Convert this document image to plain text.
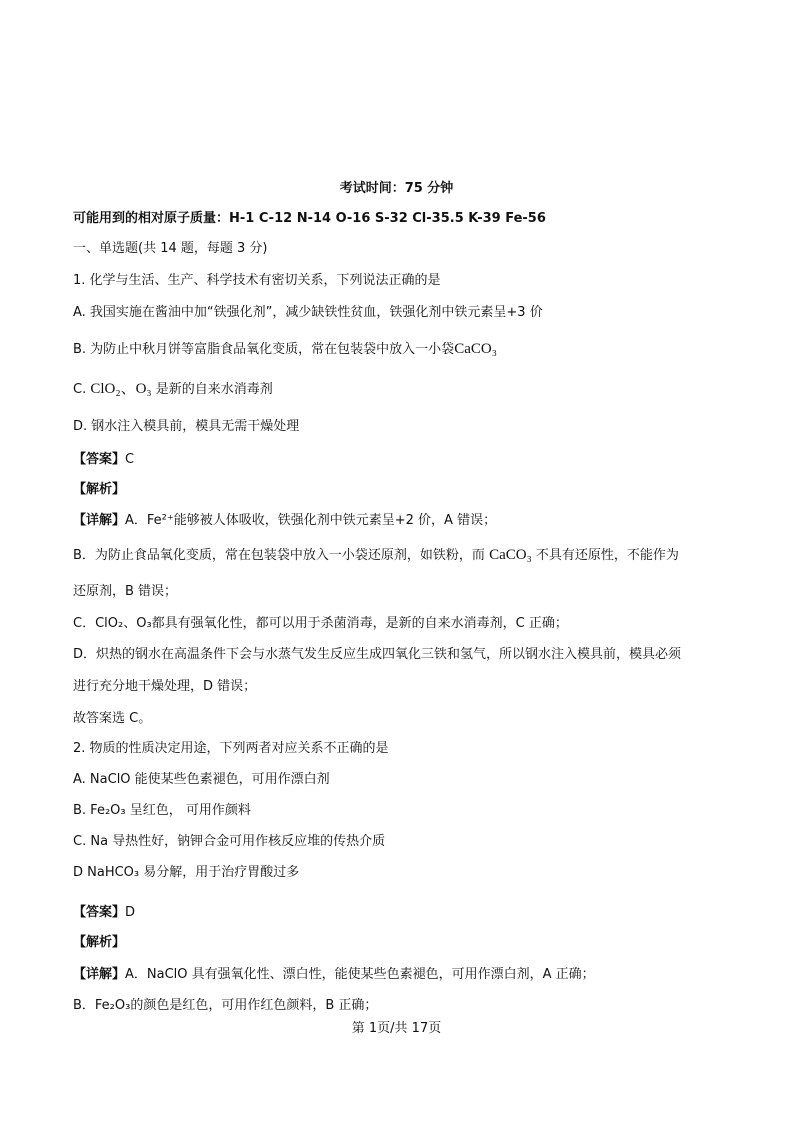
考试时间：75 分钟
可能用到的相对原子质量：H-1 C-12 N-14 O-16 S-32 Cl-35.5 K-39 Fe-56
一、单选题(共 14 题，每题 3 分)
1. 化学与生活、生产、科学技术有密切关系，下列说法正确的是
A. 我国实施在酱油中加“铁强化剂”，减少缺铁性贫血，铁强化剂中铁元素呈+3 价
B. 为防止中秋月饼等富脂食品氧化变质，常在包装袋中放入一小袋CaCO₃
C. ClO₂、O₃ 是新的自来水消毒剂
D. 钢水注入模具前，模具无需干燥处理
【答案】C
【解析】
【详解】A．Fe²⁺能够被人体吸收，铁强化剂中铁元素呈+2 价，A 错误；
B．为防止食品氧化变质，常在包装袋中放入一小袋还原剂，如铁粉，而 CaCO₃ 不具有还原性，不能作为
还原剂，B 错误；
C．ClO₂、O₃都具有强氧化性，都可以用于杀菌消毒，是新的自来水消毒剂，C 正确；
D．炽热的钢水在高温条件下会与水蒸气发生反应生成四氧化三铁和氢气，所以钢水注入模具前，模具必须
进行充分地干燥处理，D 错误；
故答案选 C。
2. 物质的性质决定用途，下列两者对应关系不正确的是
A. NaClO 能使某些色素褪色，可用作漂白剂
B. Fe₂O₃ 呈红色， 可用作颜料
C. Na 导热性好，钠钾合金可用作核反应堆的传热介质
D NaHCO₃ 易分解，用于治疗胃酸过多
【答案】D
【解析】
【详解】A．NaClO 具有强氧化性、漂白性，能使某些色素褪色，可用作漂白剂，A 正确；
B．Fe₂O₃的颜色是红色，可用作红色颜料，B 正确；
第 1页/共 17页
